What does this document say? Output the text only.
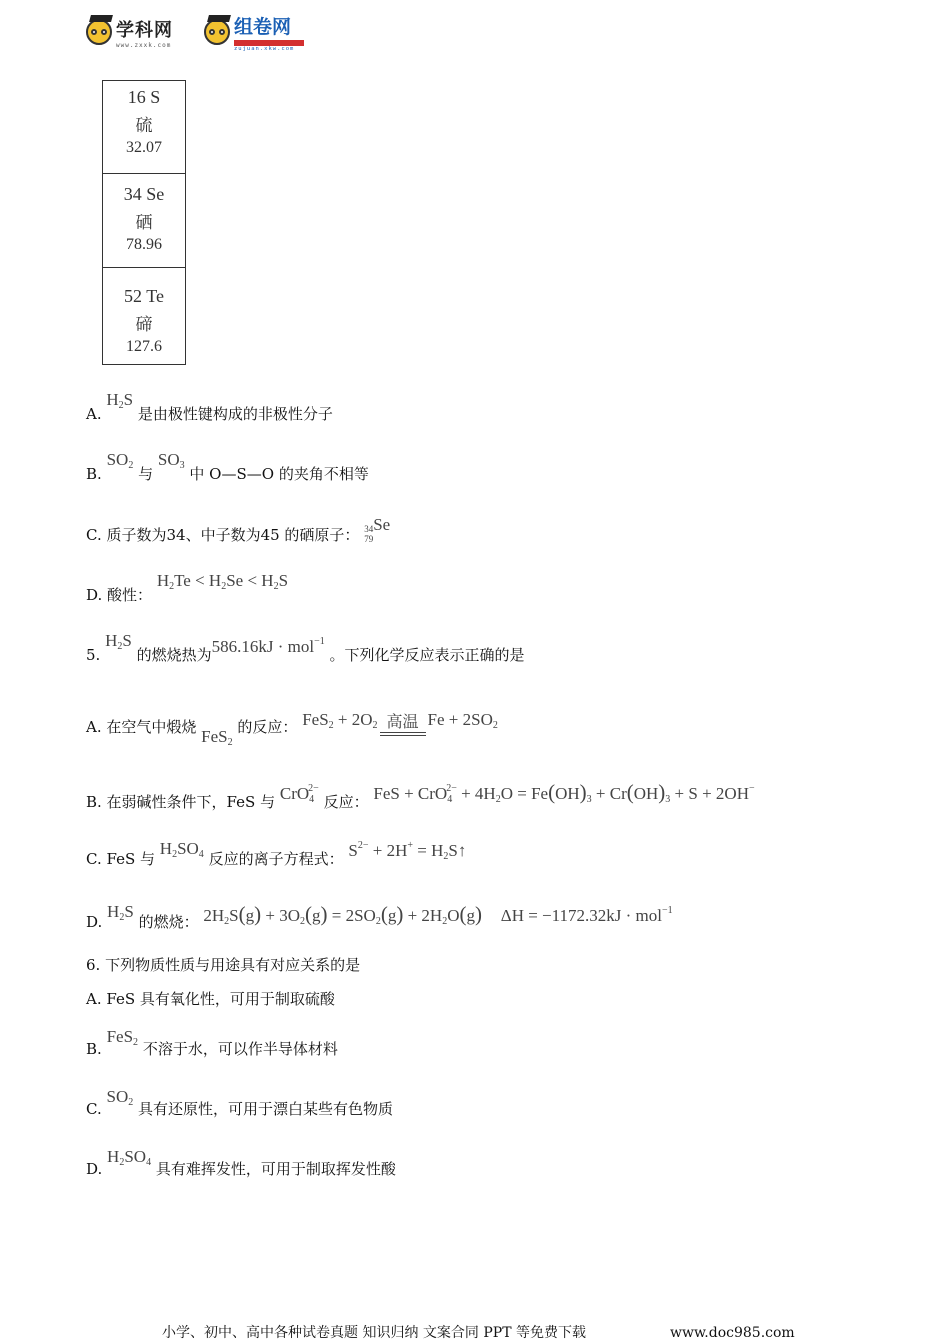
学科网
www.zxxk.com
组卷网
zujuan.xkw.com
16 S
硫
32.07
34 Se
硒
78.96
52 Te
碲
127.6
A. $H_2S$ 是由极性键构成的非极性分子
B. $SO_2$ 与 $SO_3$ 中 O—S—O 的夹角不相等
C. 质子数为34、中子数为45 的硒原子： 34
79
Se
D. 酸性： $H_2Te < H_2Se < H_2S$
5. $H_2S$ 的燃烧热为586.16kJ · mol$^{-1}$ 。下列化学反应表示正确的是
A. 在空气中煅烧 FeS$_2$ 的反应： $FeS_2 + 2O_2$ 高温 $Fe + 2SO_2$
B. 在弱碱性条件下，FeS 与 CrO$_4^{2-}$ 反应： FeS + $CrO_4^{2-} + 4H_2O = Fe(OH)_3 + Cr(OH)_3 + S + 2OH^-$
C. FeS 与 $H_2SO_4$ 反应的离子方程式： $S^{2-} + 2H^+$ = $H_2S↑$
D. $H_2S$ 的燃烧： $2H_2S(g) + 3O_2(g) = 2SO_2(g) + 2H_2O(g) \Delta H = -1172.32kJ \cdot mol^{-1}$
6. 下列物质性质与用途具有对应关系的是
A. FeS 具有氧化性，可用于制取硫酸
B. FeS$_2$ 不溶于水，可以作半导体材料
C. $SO_2$ 具有还原性，可用于漂白某些有色物质
D. $H_2SO_4$ 具有难挥发性，可用于制取挥发性酸
小学、初中、高中各种试卷真题 知识归纳 文案合同 PPT 等免费下载	www.doc985.com
